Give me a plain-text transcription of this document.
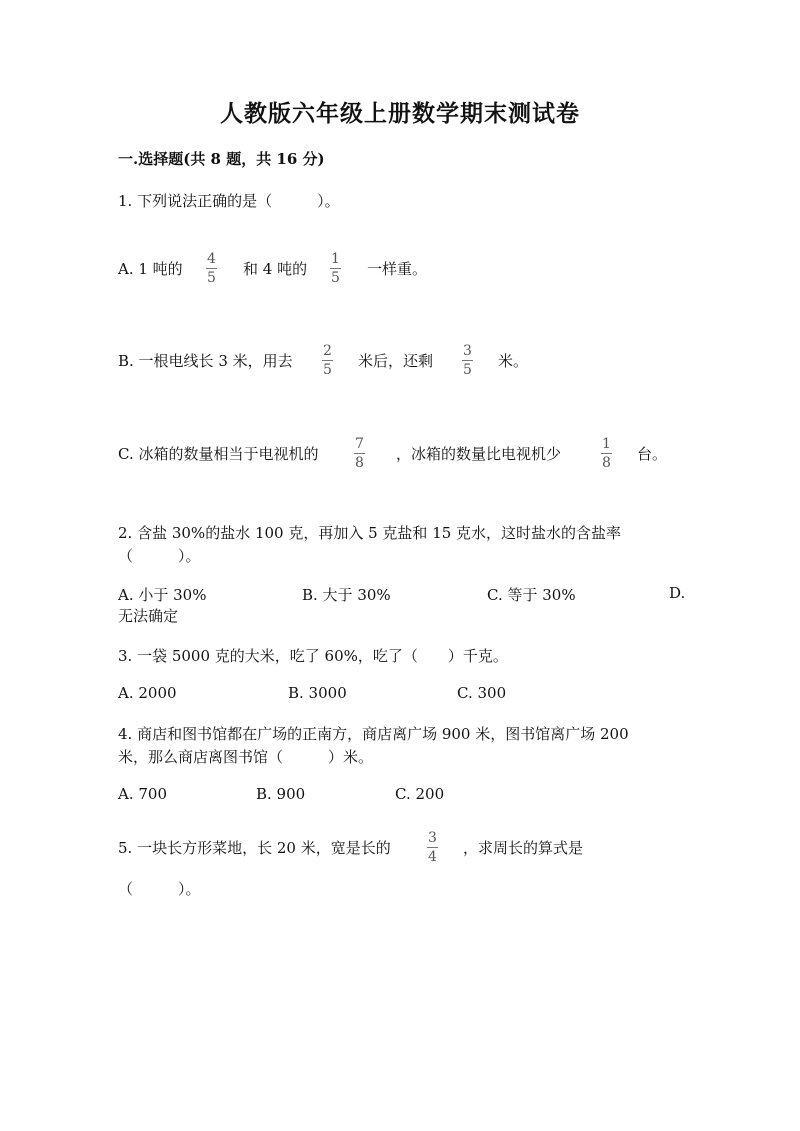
人教版六年级上册数学期末测试卷
一.选择题(共 8 题，共 16 分)
1. 下列说法正确的是（　　　）。
A. 1 吨的
4
5 和 4 吨的
1
5 一样重。
B. 一根电线长 3 米，用去
2
5 米后，还剩
3
5 米。
C. 冰箱的数量相当于电视机的
7
8 ，冰箱的数量比电视机少
1
8 台。
2. 含盐 30%的盐水 100 克，再加入 5 克盐和 15 克水，这时盐水的含盐率
（　　　）。
A. 小于 30%	B. 大于 30%	C. 等于 30%	D.
无法确定
3. 一袋 5000 克的大米，吃了 60%，吃了（　　）千克。
A. 2000	B. 3000	C. 300
4. 商店和图书馆都在广场的正南方，商店离广场 900 米，图书馆离广场 200
米，那么商店离图书馆（　　　）米。
A. 700	B. 900	C. 200
5. 一块长方形菜地，长 20 米，宽是长的
3
4 ，求周长的算式是
（　　　）。
